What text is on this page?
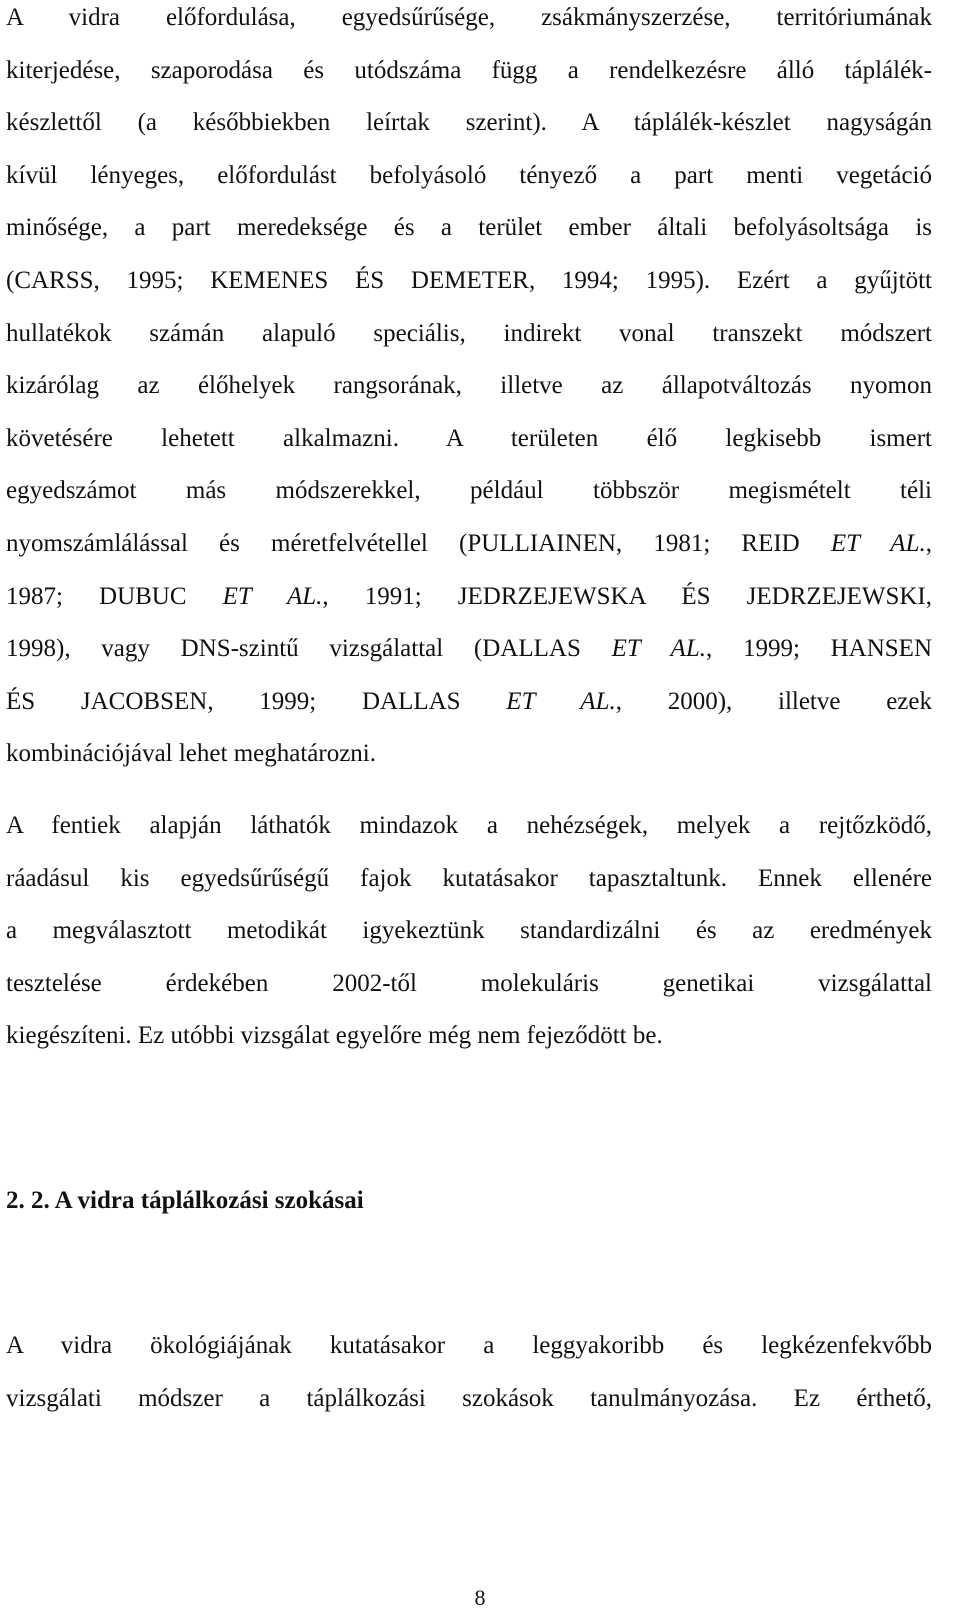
A vidra előfordulása, egyedsűrűsége, zsákmányszerzése, territóriumának
kiterjedése, szaporodása és utódszáma függ a rendelkezésre álló táplálék-
készlettől (a későbbiekben leírtak szerint). A táplálék-készlet nagyságán
kívül lényeges, előfordulást befolyásoló tényező a part menti vegetáció
minősége, a part meredeksége és a terület ember általi befolyásoltsága is
(CARSS, 1995; KEMENES ÉS DEMETER, 1994; 1995). Ezért a gyűjtött
hullatékok számán alapuló speciális, indirekt vonal transzekt módszert
kizárólag az élőhelyek rangsorának, illetve az állapotváltozás nyomon
követésére lehetett alkalmazni. A területen élő legkisebb ismert
egyedszámot más módszerekkel, például többször megismételt téli
nyomszámlálással és méretfelvétellel (PULLIAINEN, 1981; REID ET AL.,
1987; DUBUC ET AL., 1991; JEDRZEJEWSKA ÉS JEDRZEJEWSKI,
1998), vagy DNS-szintű vizsgálattal (DALLAS ET AL., 1999; HANSEN
ÉS JACOBSEN, 1999; DALLAS ET AL., 2000), illetve ezek
kombinációjával lehet meghatározni.
A fentiek alapján láthatók mindazok a nehézségek, melyek a rejtőzködő,
ráadásul kis egyedsűrűségű fajok kutatásakor tapasztaltunk. Ennek ellenére
a megválasztott metodikát igyekeztünk standardizálni és az eredmények
tesztelése érdekében 2002-től molekuláris genetikai vizsgálattal
kiegészíteni. Ez utóbbi vizsgálat egyelőre még nem fejeződött be.
2. 2. A vidra táplálkozási szokásai
A vidra ökológiájának kutatásakor a leggyakoribb és legkézenfekvőbb
vizsgálati módszer a táplálkozási szokások tanulmányozása. Ez érthető,
8
